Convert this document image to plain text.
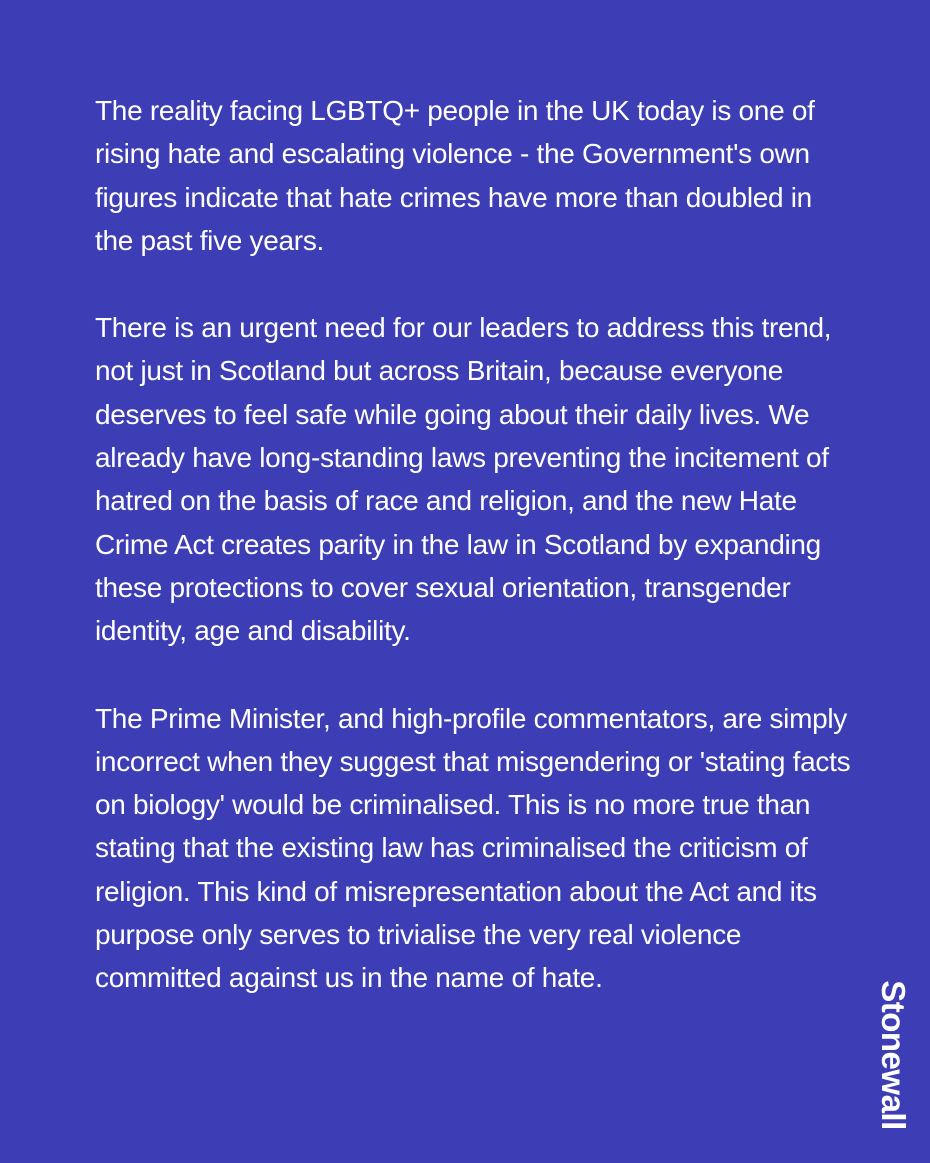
The reality facing LGBTQ+ people in the UK today is one of rising hate and escalating violence - the Government's own figures indicate that hate crimes have more than doubled in the past five years.

There is an urgent need for our leaders to address this trend, not just in Scotland but across Britain, because everyone deserves to feel safe while going about their daily lives. We already have long-standing laws preventing the incitement of hatred on the basis of race and religion, and the new Hate Crime Act creates parity in the law in Scotland by expanding these protections to cover sexual orientation, transgender identity, age and disability.

The Prime Minister, and high-profile commentators, are simply incorrect when they suggest that misgendering or 'stating facts on biology' would be criminalised. This is no more true than stating that the existing law has criminalised the criticism of religion. This kind of misrepresentation about the Act and its purpose only serves to trivialise the very real violence committed against us in the name of hate.

Stonewall
